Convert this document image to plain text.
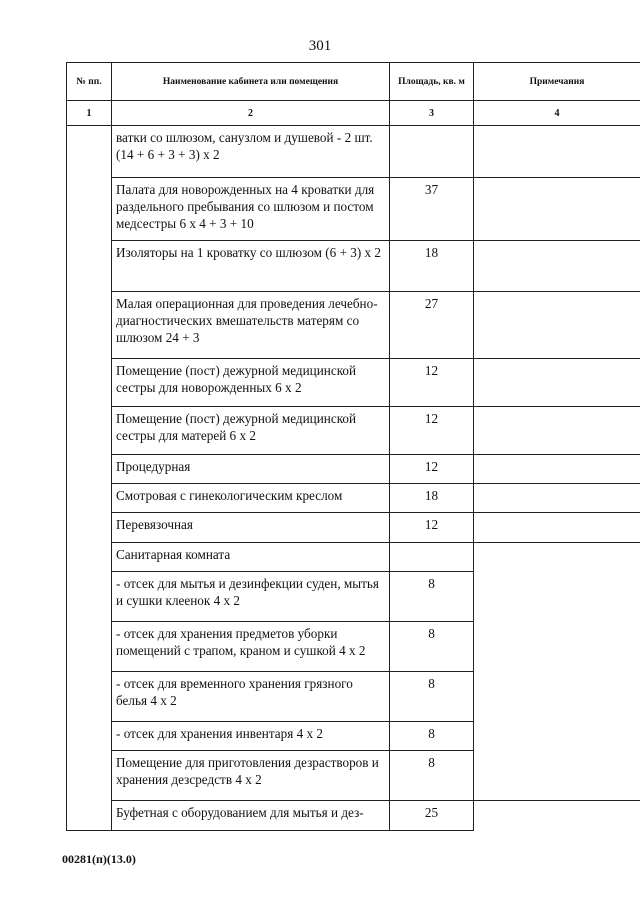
301
№ пп.	Наименование кабинета или помещения	Площадь, кв. м	Примечания
1	2	3	4
	ватки со шлюзом, санузлом и душевой - 2 шт. (14 + 6 + 3 + 3) х 2		
	Палата для новорожденных на 4 кроватки для раздельного пребывания со шлюзом и постом медсестры 6 х 4 + 3 + 10	37	
	Изоляторы на 1 кроватку со шлюзом (6 + 3) х 2	18	
	Малая операционная для проведения лечебно-диагностических вмешательств матерям со шлюзом 24 + 3	27	
	Помещение (пост) дежурной медицинской сестры для новорожденных 6 х 2	12	
	Помещение (пост) дежурной медицинской сестры для матерей 6 х 2	12	
	Процедурная	12	
	Смотровая с гинекологическим креслом	18	
	Перевязочная	12	
	Санитарная комната		
	- отсек для мытья и дезинфекции суден, мытья и сушки клеенок 4 х 2	8	
	- отсек для хранения предметов уборки помещений с трапом, краном и сушкой 4 х 2	8	
	- отсек для временного хранения грязного белья 4 х 2	8	
	- отсек для хранения инвентаря 4 х 2	8	
	Помещение для приготовления дезрастворов и хранения дезсредств 4 х 2	8	
	Буфетная с оборудованием для мытья и дез-	25	
00281(п)(13.0)
